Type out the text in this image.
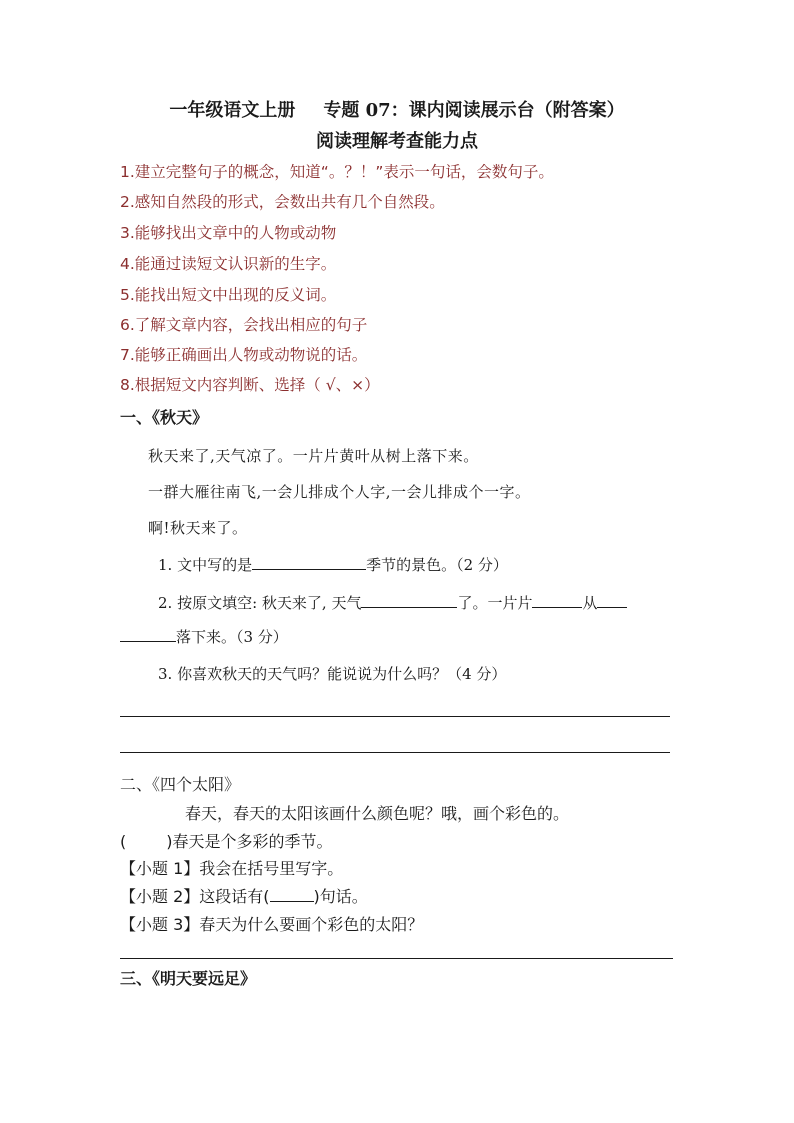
一年级语文上册 专题 07：课内阅读展示台（附答案）
阅读理解考查能力点
1.建立完整句子的概念，知道“。？！”表示一句话，会数句子。
2.感知自然段的形式，会数出共有几个自然段。
3.能够找出文章中的人物或动物
4.能通过读短文认识新的生字。
5.能找出短文中出现的反义词。
6.了解文章内容，会找出相应的句子
7.能够正确画出人物或动物说的话。
8.根据短文内容判断、选择（ √、×）
一、《秋天》
秋天来了,天气凉了。一片片黄叶从树上落下来。
一群大雁往南飞,一会儿排成个人字,一会儿排成个一字。
啊!秋天来了。
1. 文中写的是	季节的景色。（2 分）
2. 按原文填空: 秋天来了, 天气	了。一片片	从
落下来。（3 分）
3. 你喜欢秋天的天气吗？能说说为什么吗？（4 分）
二、《四个太阳》
春天，春天的太阳该画什么颜色呢？哦，画个彩色的。
(	)春天是个多彩的季节。
【小题 1】我会在括号里写字。
【小题 2】这段话有(	)句话。
【小题 3】春天为什么要画个彩色的太阳？
三、《明天要远足》
